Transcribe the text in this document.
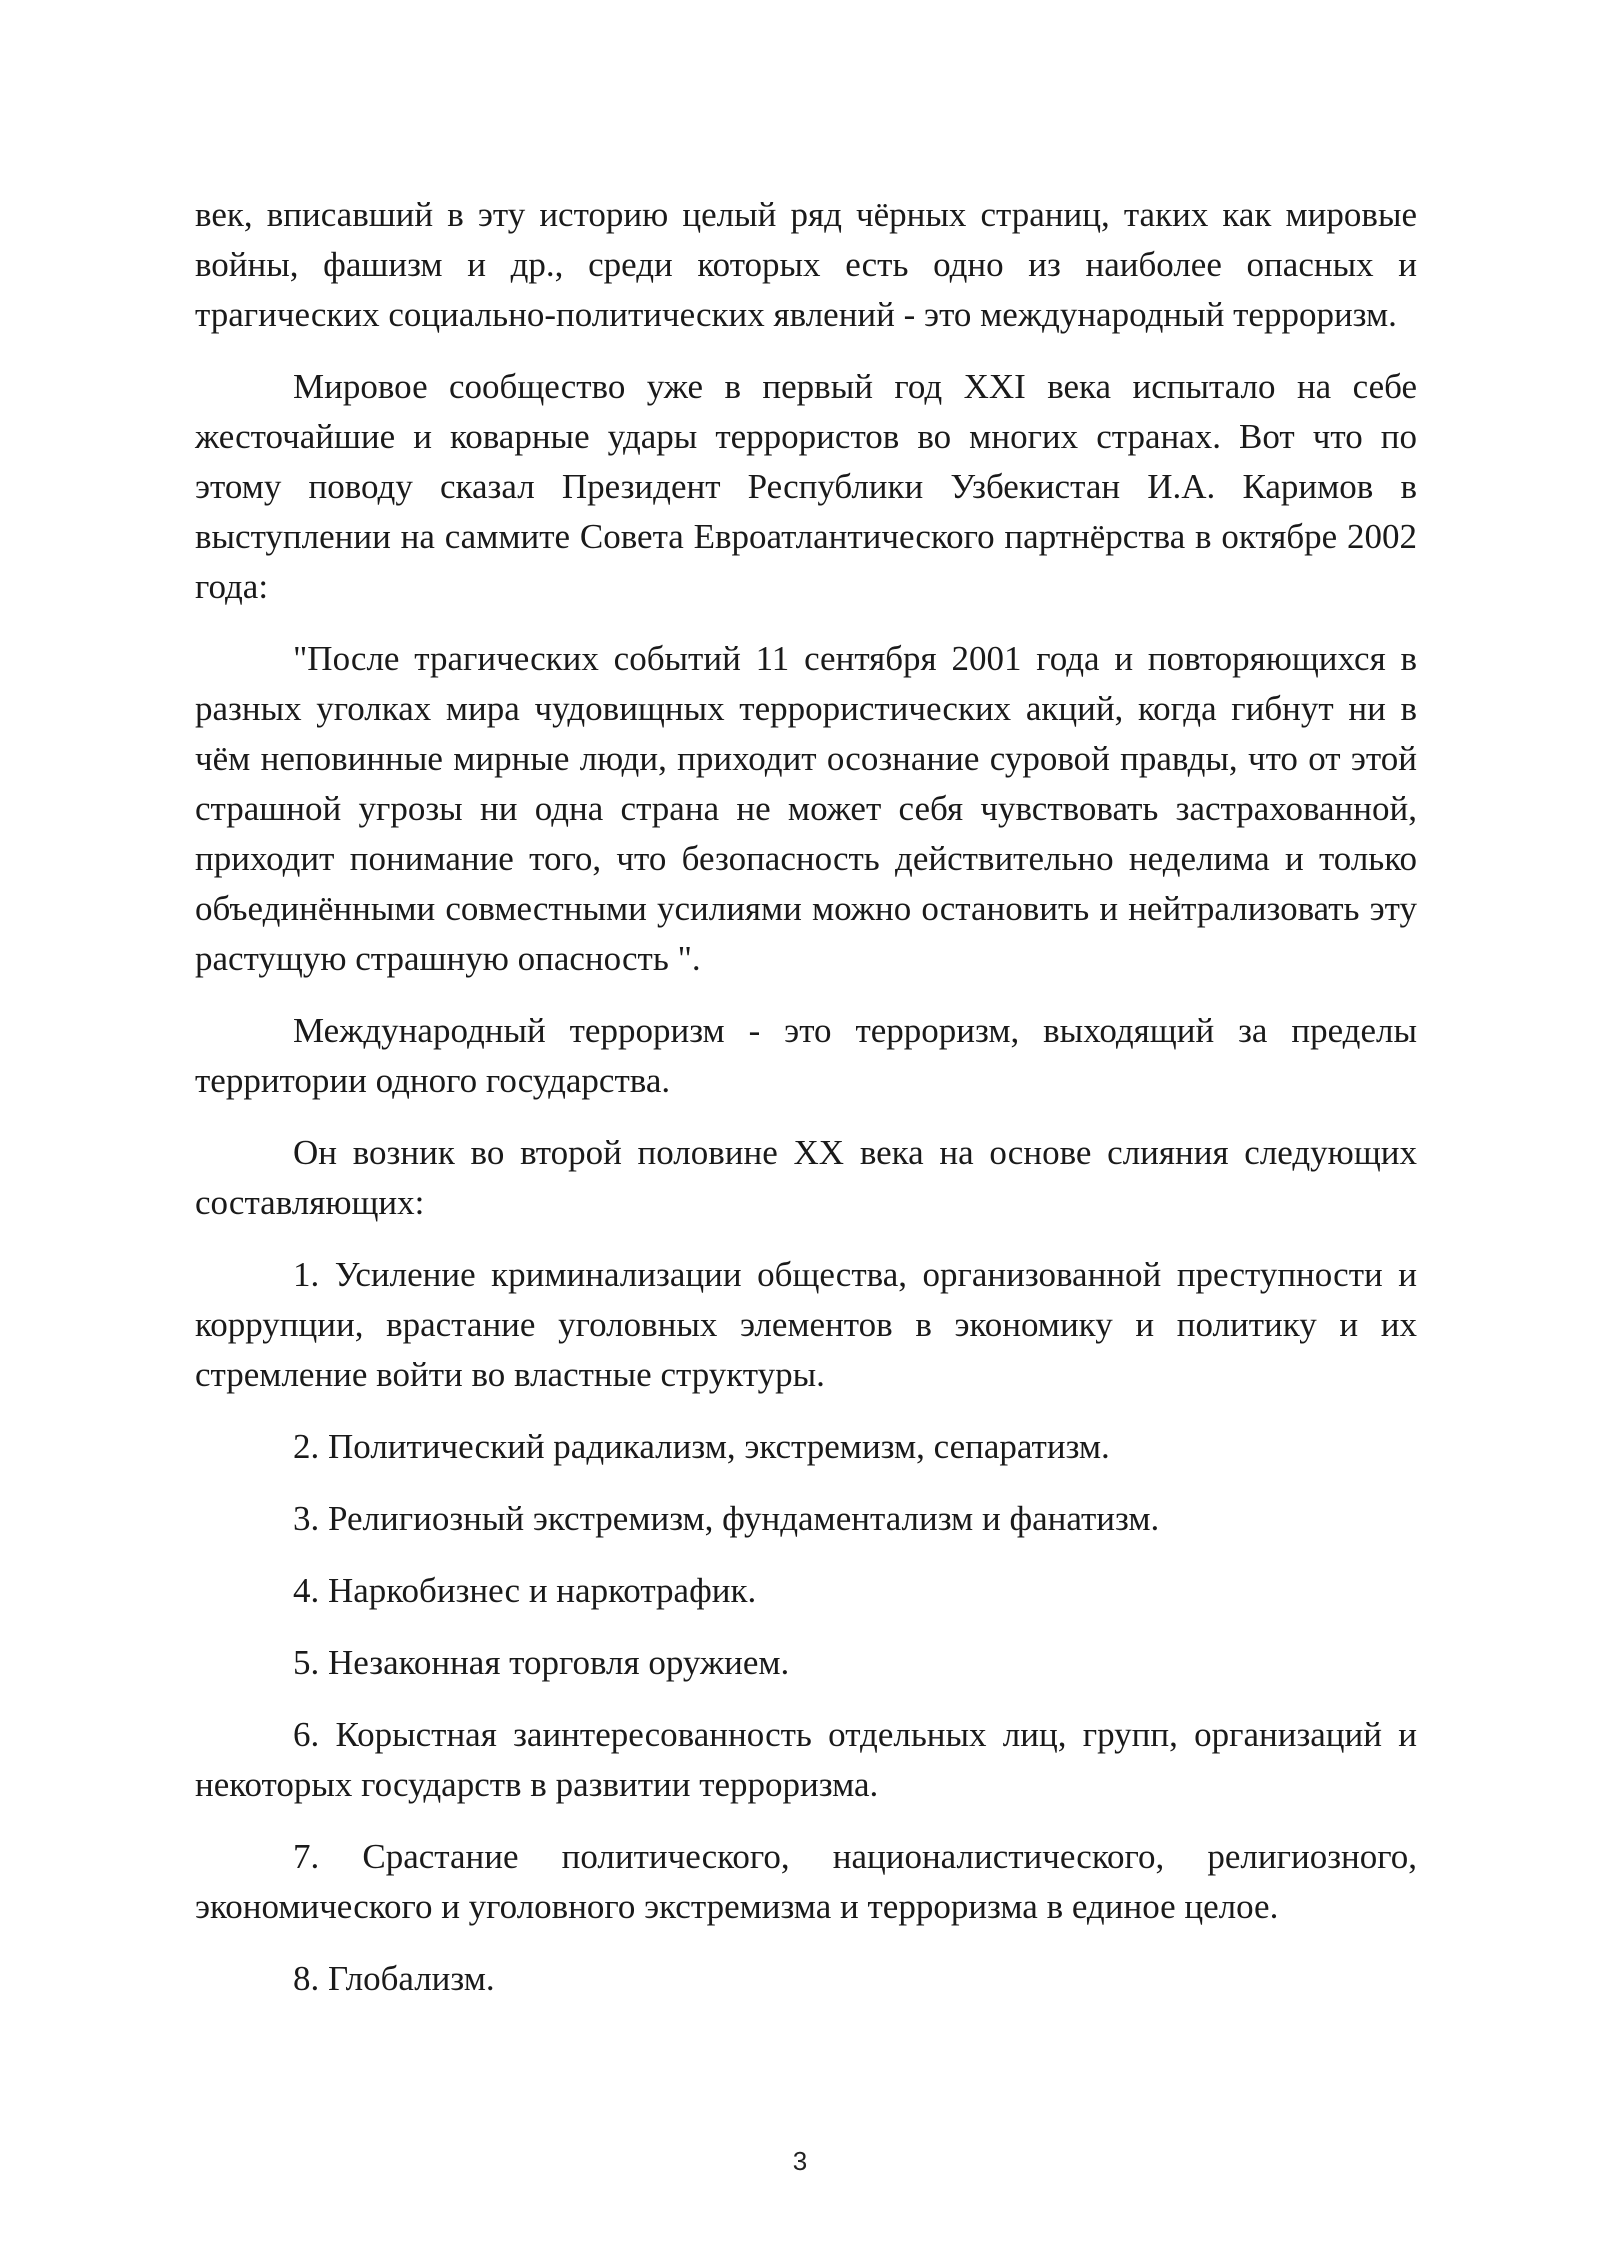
век, вписавший в эту историю целый ряд чёрных страниц, таких как мировые войны, фашизм и др., среди которых есть одно из наиболее опасных и трагических социально-политических явлений - это международный терроризм.

Мировое сообщество уже в первый год XXI века испытало на себе жесточайшие и коварные удары террористов во многих странах. Вот что по этому поводу сказал Президент Республики Узбекистан И.А. Каримов в выступлении на саммите Совета Евроатлантического партнёрства в октябре 2002 года:

"После трагических событий 11 сентября 2001 года и повторяющихся в разных уголках мира чудовищных террористических акций, когда гибнут ни в чём неповинные мирные люди, приходит осознание суровой правды, что от этой страшной угрозы ни одна страна не может себя чувствовать застрахованной, приходит понимание того, что безопасность действительно неделима и только объединёнными совместными усилиями можно остановить и нейтрализовать эту растущую страшную опасность ".

Международный терроризм - это терроризм, выходящий за пределы территории одного государства.

Он возник во второй половине XX века на основе слияния следующих составляющих:

1. Усиление криминализации общества, организованной преступности и коррупции, врастание уголовных элементов в экономику и политику и их стремление войти во властные структуры.

2. Политический радикализм, экстремизм, сепаратизм.

3. Религиозный экстремизм, фундаментализм и фанатизм.

4. Наркобизнес и наркотрафик.

5. Незаконная торговля оружием.

6. Корыстная заинтересованность отдельных лиц, групп, организаций и некоторых государств в развитии терроризма.

7. Срастание политического, националистического, религиозного, экономического и уголовного экстремизма и терроризма в единое целое.

8. Глобализм.

3
